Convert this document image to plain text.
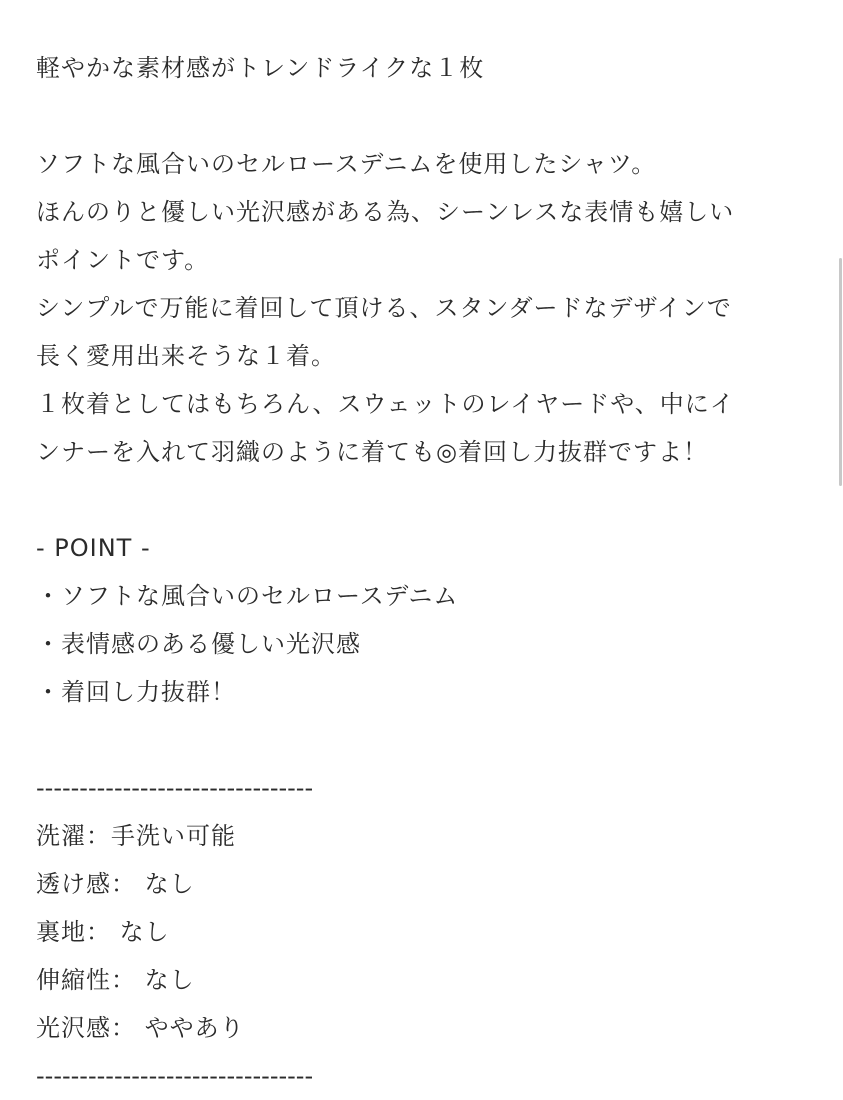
軽やかな素材感がトレンドライクな１枚
ソフトな風合いのセルロースデニムを使用したシャツ。
ほんのりと優しい光沢感がある為、シーンレスな表情も嬉しい
ポイントです。
シンプルで万能に着回して頂ける、スタンダードなデザインで
長く愛用出来そうな１着。
１枚着としてはもちろん、スウェットのレイヤードや、中にイ
ンナーを入れて羽織のように着ても◎着回し力抜群ですよ！
- POINT -
・ソフトな風合いのセルロースデニム
・表情感のある優しい光沢感
・着回し力抜群！
--------------------------------
洗濯：手洗い可能
透け感： なし
裏地： なし
伸縮性： なし
光沢感： ややあり
--------------------------------
